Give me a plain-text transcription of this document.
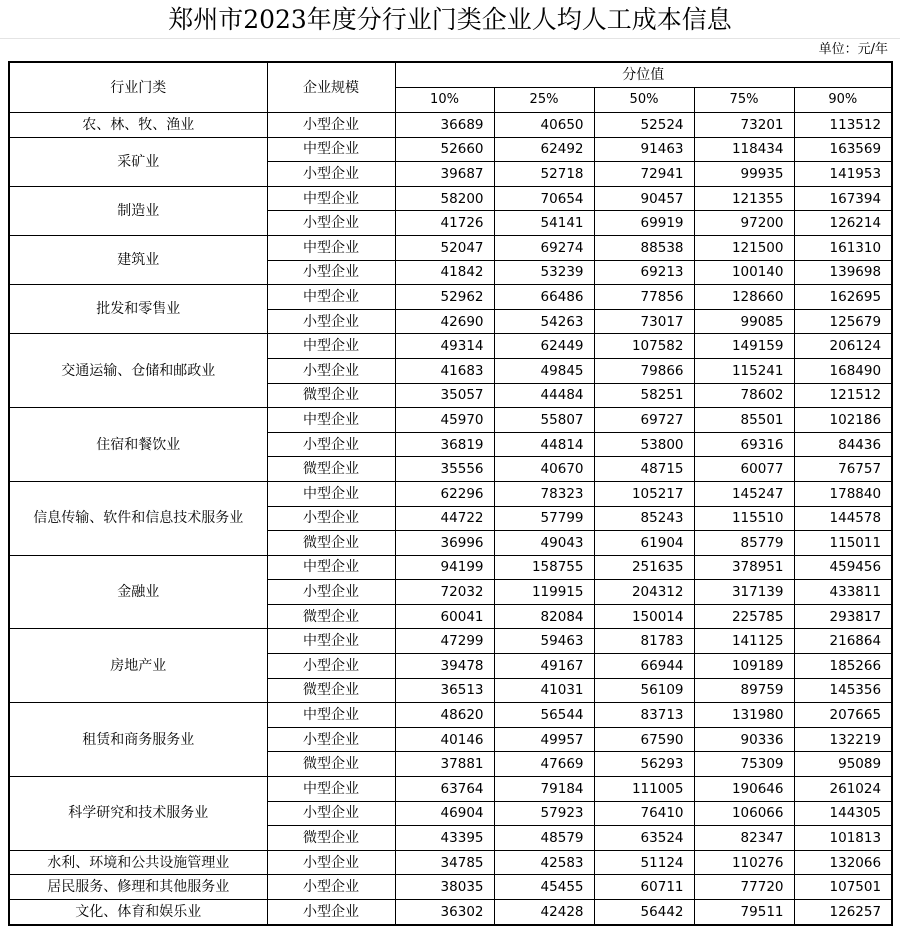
郑州市2023年度分行业门类企业人均人工成本信息
单位：元/年
行业门类	企业规模	分位值				
		10%	25%	50%	75%	90%
农、林、牧、渔业	小型企业	36689	40650	52524	73201	113512
采矿业	中型企业	52660	62492	91463	118434	163569
	小型企业	39687	52718	72941	99935	141953
制造业	中型企业	58200	70654	90457	121355	167394
	小型企业	41726	54141	69919	97200	126214
建筑业	中型企业	52047	69274	88538	121500	161310
	小型企业	41842	53239	69213	100140	139698
批发和零售业	中型企业	52962	66486	77856	128660	162695
	小型企业	42690	54263	73017	99085	125679
交通运输、仓储和邮政业	中型企业	49314	62449	107582	149159	206124
	小型企业	41683	49845	79866	115241	168490
	微型企业	35057	44484	58251	78602	121512
住宿和餐饮业	中型企业	45970	55807	69727	85501	102186
	小型企业	36819	44814	53800	69316	84436
	微型企业	35556	40670	48715	60077	76757
信息传输、软件和信息技术服务业	中型企业	62296	78323	105217	145247	178840
	小型企业	44722	57799	85243	115510	144578
	微型企业	36996	49043	61904	85779	115011
金融业	中型企业	94199	158755	251635	378951	459456
	小型企业	72032	119915	204312	317139	433811
	微型企业	60041	82084	150014	225785	293817
房地产业	中型企业	47299	59463	81783	141125	216864
	小型企业	39478	49167	66944	109189	185266
	微型企业	36513	41031	56109	89759	145356
租赁和商务服务业	中型企业	48620	56544	83713	131980	207665
	小型企业	40146	49957	67590	90336	132219
	微型企业	37881	47669	56293	75309	95089
科学研究和技术服务业	中型企业	63764	79184	111005	190646	261024
	小型企业	46904	57923	76410	106066	144305
	微型企业	43395	48579	63524	82347	101813
水利、环境和公共设施管理业	小型企业	34785	42583	51124	110276	132066
居民服务、修理和其他服务业	小型企业	38035	45455	60711	77720	107501
文化、体育和娱乐业	小型企业	36302	42428	56442	79511	126257
